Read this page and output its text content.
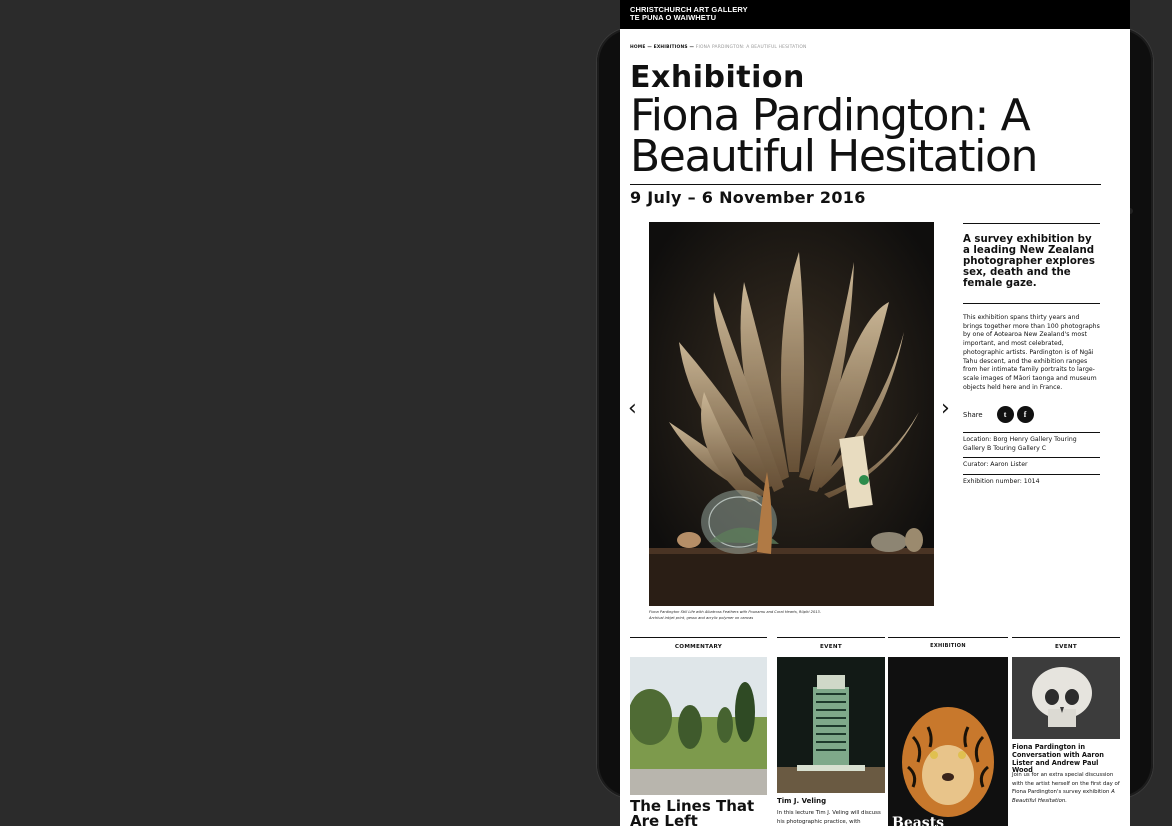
CHRISTCHURCH ART GALLERY
TE PUNA O WAIWHETU
HOME — EXHIBITIONS — FIONA PARDINGTON: A BEAUTIFUL HESITATION
Exhibition
Fiona Pardington: A
Beautiful Hesitation
9 July – 6 November 2016
‹	›
Fiona Pardington Still Life with Albatross Feathers with Pounamu and Coral Hearts, Rūpīri 2013.
Archival inkjet print, gesso and acrylic polymer on canvas
A survey exhibition by a leading New Zealand photographer explores sex, death and the female gaze.
This exhibition spans thirty years and brings together more than 100 photographs by one of Aotearoa New Zealand's most important, and most celebrated, photographic artists. Pardington is of Ngāi Tahu descent, and the exhibition ranges from her intimate family portraits to large-scale images of Māori taonga and museum objects held here and in France.
Share	t	f
Location: Borg Henry Gallery Touring Gallery B Touring Gallery C
Curator: Aaron Lister
Exhibition number: 1014
COMMENTARY
The Lines That Are Left
EVENT
Tim J. Veling
In this lecture Tim J. Veling will discuss his photographic practice, with
EXHIBITION
Beasts
EVENT
Fiona Pardington in Conversation with Aaron Lister and Andrew Paul Wood
Join us for an extra special discussion with the artist herself on the first day of Fiona Pardington's survey exhibition A Beautiful Hesitation.
